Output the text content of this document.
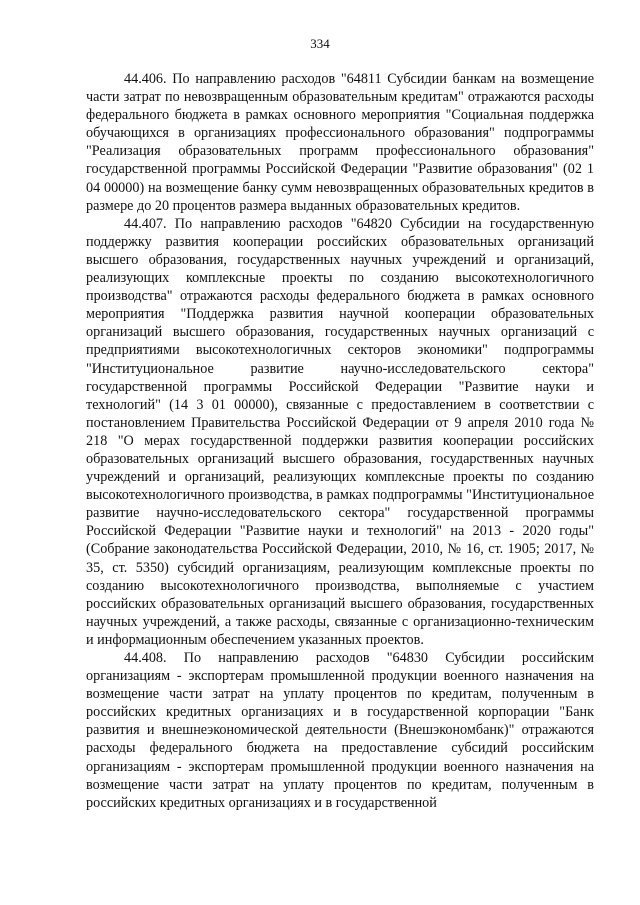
334

44.406. По направлению расходов "64811 Субсидии банкам на возмещение части затрат по невозвращенным образовательным кредитам" отражаются расходы федерального бюджета в рамках основного мероприятия "Социальная поддержка обучающихся в организациях профессионального образования" подпрограммы "Реализация образовательных программ профессионального образования" государственной программы Российской Федерации "Развитие образования" (02 1 04 00000) на возмещение банку сумм невозвращенных образовательных кредитов в размере до 20 процентов размера выданных образовательных кредитов.

44.407. По направлению расходов "64820 Субсидии на государственную поддержку развития кооперации российских образовательных организаций высшего образования, государственных научных учреждений и организаций, реализующих комплексные проекты по созданию высокотехнологичного производства" отражаются расходы федерального бюджета в рамках основного мероприятия "Поддержка развития научной кооперации образовательных организаций высшего образования, государственных научных организаций с предприятиями высокотехнологичных секторов экономики" подпрограммы "Институциональное развитие научно-исследовательского сектора" государственной программы Российской Федерации "Развитие науки и технологий" (14 3 01 00000), связанные с предоставлением в соответствии с постановлением Правительства Российской Федерации от 9 апреля 2010 года № 218 "О мерах государственной поддержки развития кооперации российских образовательных организаций высшего образования, государственных научных учреждений и организаций, реализующих комплексные проекты по созданию высокотехнологичного производства, в рамках подпрограммы "Институциональное развитие научно-исследовательского сектора" государственной программы Российской Федерации "Развитие науки и технологий" на 2013 - 2020 годы" (Собрание законодательства Российской Федерации, 2010, № 16, ст. 1905; 2017, № 35, ст. 5350) субсидий организациям, реализующим комплексные проекты по созданию высокотехнологичного производства, выполняемые с участием российских образовательных организаций высшего образования, государственных научных учреждений, а также расходы, связанные с организационно-техническим и информационным обеспечением указанных проектов.

44.408. По направлению расходов "64830 Субсидии российским организациям - экспортерам промышленной продукции военного назначения на возмещение части затрат на уплату процентов по кредитам, полученным в российских кредитных организациях и в государственной корпорации "Банк развития и внешнеэкономической деятельности (Внешэкономбанк)" отражаются расходы федерального бюджета на предоставление субсидий российским организациям - экспортерам промышленной продукции военного назначения на возмещение части затрат на уплату процентов по кредитам, полученным в российских кредитных организациях и в государственной
